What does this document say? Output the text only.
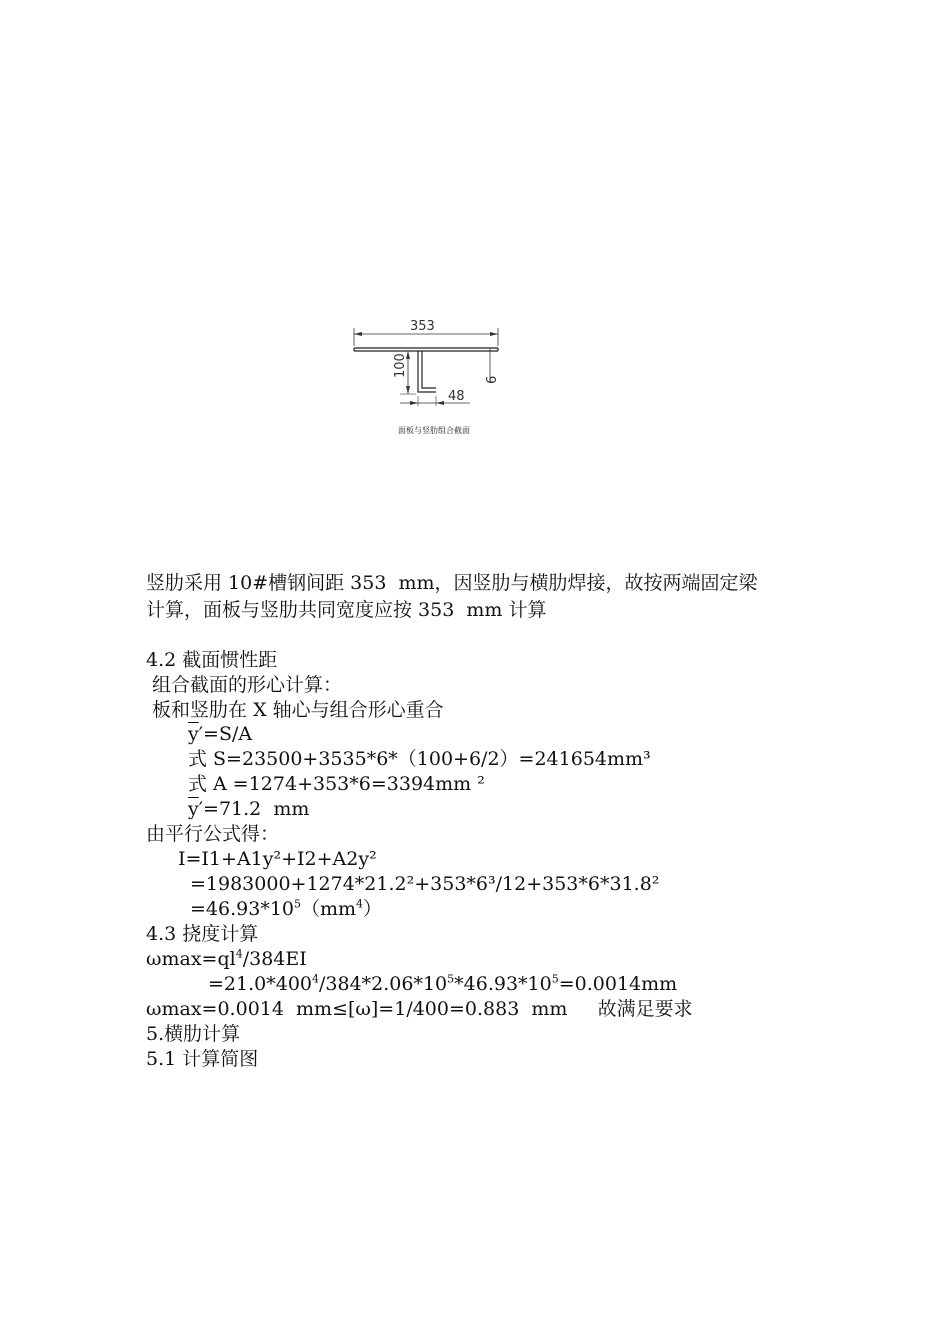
353
100
48
6
面板与竖肋组合截面
竖肋采用 10#槽钢间距 353  mm，因竖肋与横肋焊接，故按两端固定梁
计算，面板与竖肋共同宽度应按 353  mm 计算
4.2 截面惯性距
组合截面的形心计算：
板和竖肋在 X 轴心与组合形心重合
$\overline{y}'=S/A$
式 S=23500+3535*6*（100+6/2）=241654mm³
式 A =1274+353*6=3394mm ²
$\overline{y}'=71.2$  mm
由平行公式得：
I=I1+A1y²+I2+A2y²
=1983000+1274*21.2²+353*6³/12+353*6*31.8²
$=46.93*10^5(mm^4)$
4.3 挠度计算
$\omega\max=ql^4/384EI$
$=21.0*400^4/384*2.06*10^5*46.93*10^5=0.0014mm$
ωmax=0.0014  mm≤[ω]=1/400=0.883  mm     故满足要求
5.横肋计算
5.1 计算简图
